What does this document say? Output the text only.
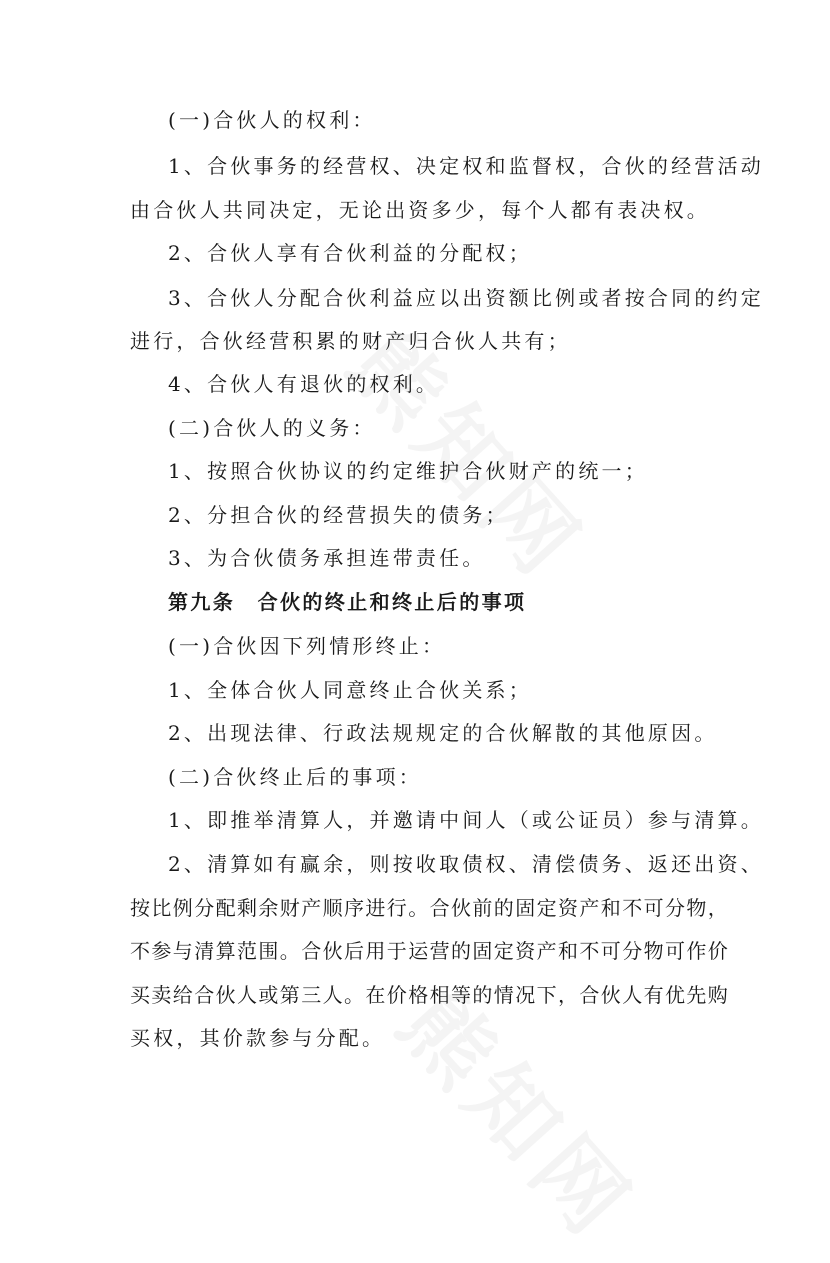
(一)合伙人的权利：
1、合伙事务的经营权、决定权和监督权，合伙的经营活动
由合伙人共同决定，无论出资多少，每个人都有表决权。
2、合伙人享有合伙利益的分配权；
3、合伙人分配合伙利益应以出资额比例或者按合同的约定
进行，合伙经营积累的财产归合伙人共有；
4、合伙人有退伙的权利。
(二)合伙人的义务：
1、按照合伙协议的约定维护合伙财产的统一；
2、分担合伙的经营损失的债务；
3、为合伙债务承担连带责任。
第九条　合伙的终止和终止后的事项
(一)合伙因下列情形终止：
1、全体合伙人同意终止合伙关系；
2、出现法律、行政法规规定的合伙解散的其他原因。
(二)合伙终止后的事项：
1、即推举清算人，并邀请中间人（或公证员）参与清算。
2、清算如有赢余，则按收取债权、清偿债务、返还出资、
按比例分配剩余财产顺序进行。合伙前的固定资产和不可分物，
不参与清算范围。合伙后用于运营的固定资产和不可分物可作价
买卖给合伙人或第三人。在价格相等的情况下，合伙人有优先购
买权，其价款参与分配。
